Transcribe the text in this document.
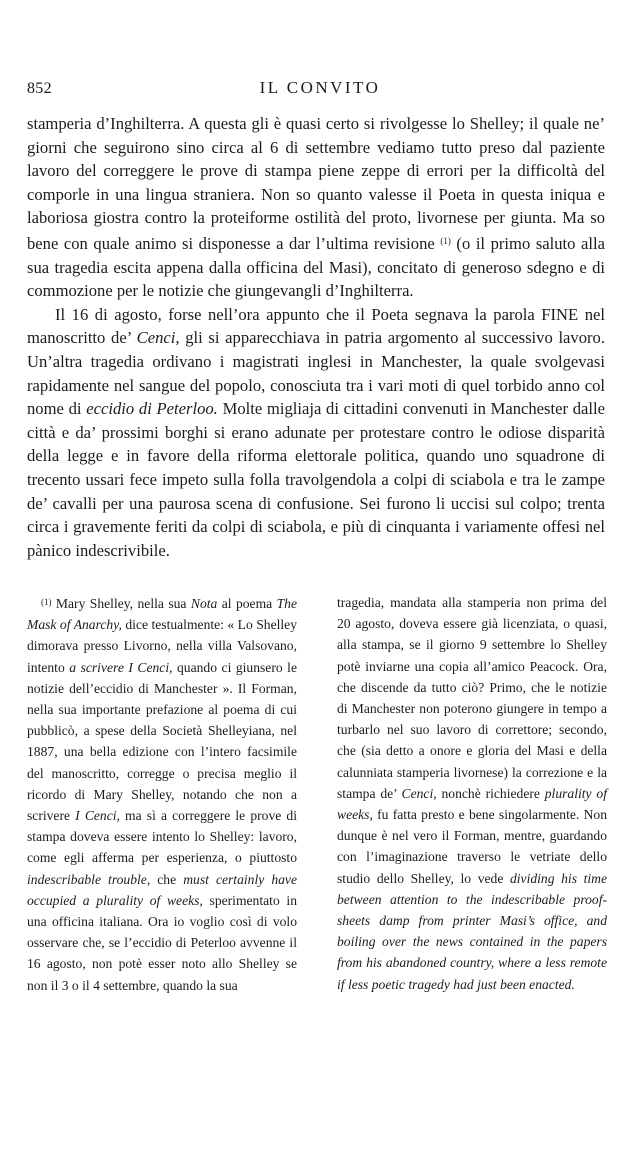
852	IL CONVITO

stamperia d’Inghilterra. A questa gli è quasi certo si rivolgesse lo Shelley; il quale ne’ giorni che seguirono sino circa al 6 di settembre vediamo tutto preso dal paziente lavoro del correggere le prove di stampa piene zeppe di errori per la difficoltà del comporle in una lingua straniera. Non so quanto valesse il Poeta in questa iniqua e laboriosa giostra contro la proteiforme ostilità del proto, livornese per giunta. Ma so bene con quale animo si disponesse a dar l’ultima revisione $^{(1)}$ (o il primo saluto alla sua tragedia escita appena dalla officina del Masi), concitato di generoso sdegno e di commozione per le notizie che giungevangli d’Inghilterra.

Il 16 di agosto, forse nell’ora appunto che il Poeta segnava la parola FINE nel manoscritto de’ Cenci, gli si apparecchiava in patria argomento al successivo lavoro. Un’altra tragedia ordivano i magistrati inglesi in Manchester, la quale svolgevasi rapidamente nel sangue del popolo, conosciuta tra i vari moti di quel torbido anno col nome di eccidio di Peterloo. Molte migliaja di cittadini convenuti in Manchester dalle città e da’ prossimi borghi si erano adunate per protestare contro le odiose disparità della legge e in favore della riforma elettorale politica, quando uno squadrone di trecento ussari fece impeto sulla folla travolgendola a colpi di sciabola e tra le zampe de’ cavalli per una paurosa scena di confusione. Sei furono li uccisi sul colpo; trenta circa i gravemente feriti da colpi di sciabola, e più di cinquanta i variamente offesi nel pànico indescrivibile.

$^{(1)}$ Mary Shelley, nella sua Nota al poema The Mask of Anarchy, dice testualmente: « Lo Shelley dimorava presso Livorno, nella villa Valsovano, intento a scrivere I Cenci, quando ci giunsero le notizie dell’eccidio di Manchester ». Il Forman, nella sua importante prefazione al poema di cui pubblicò, a spese della Società Shelleyiana, nel 1887, una bella edizione con l’intero facsimile del manoscritto, corregge o precisa meglio il ricordo di Mary Shelley, notando che non a scrivere I Cenci, ma sì a correggere le prove di stampa doveva essere intento lo Shelley: lavoro, come egli afferma per esperienza, o piuttosto indescribable trouble, che must certainly have occupied a plurality of weeks, sperimentato in una officina italiana. Ora io voglio così di volo osservare che, se l’eccidio di Peterloo avvenne il 16 agosto, non potè esser noto allo Shelley se non il 3 o il 4 settembre, quando la sua
tragedia, mandata alla stamperia non prima del 20 agosto, doveva essere già licenziata, o quasi, alla stampa, se il giorno 9 settembre lo Shelley potè inviarne una copia all’amico Peacock. Ora, che discende da tutto ciò? Primo, che le notizie di Manchester non poterono giungere in tempo a turbarlo nel suo lavoro di correttore; secondo, che (sia detto a onore e gloria del Masi e della calunniata stamperia livornese) la correzione e la stampa de’ Cenci, nonchè richiedere plurality of weeks, fu fatta presto e bene singolarmente. Non dunque è nel vero il Forman, mentre, guardando con l’imaginazione traverso le vetriate dello studio dello Shelley, lo vede dividing his time between attention to the indescribable proof-sheets damp from printer Masi’s office, and boiling over the news contained in the papers from his abandoned country, where a less remote if less poetic tragedy had just been enacted.
